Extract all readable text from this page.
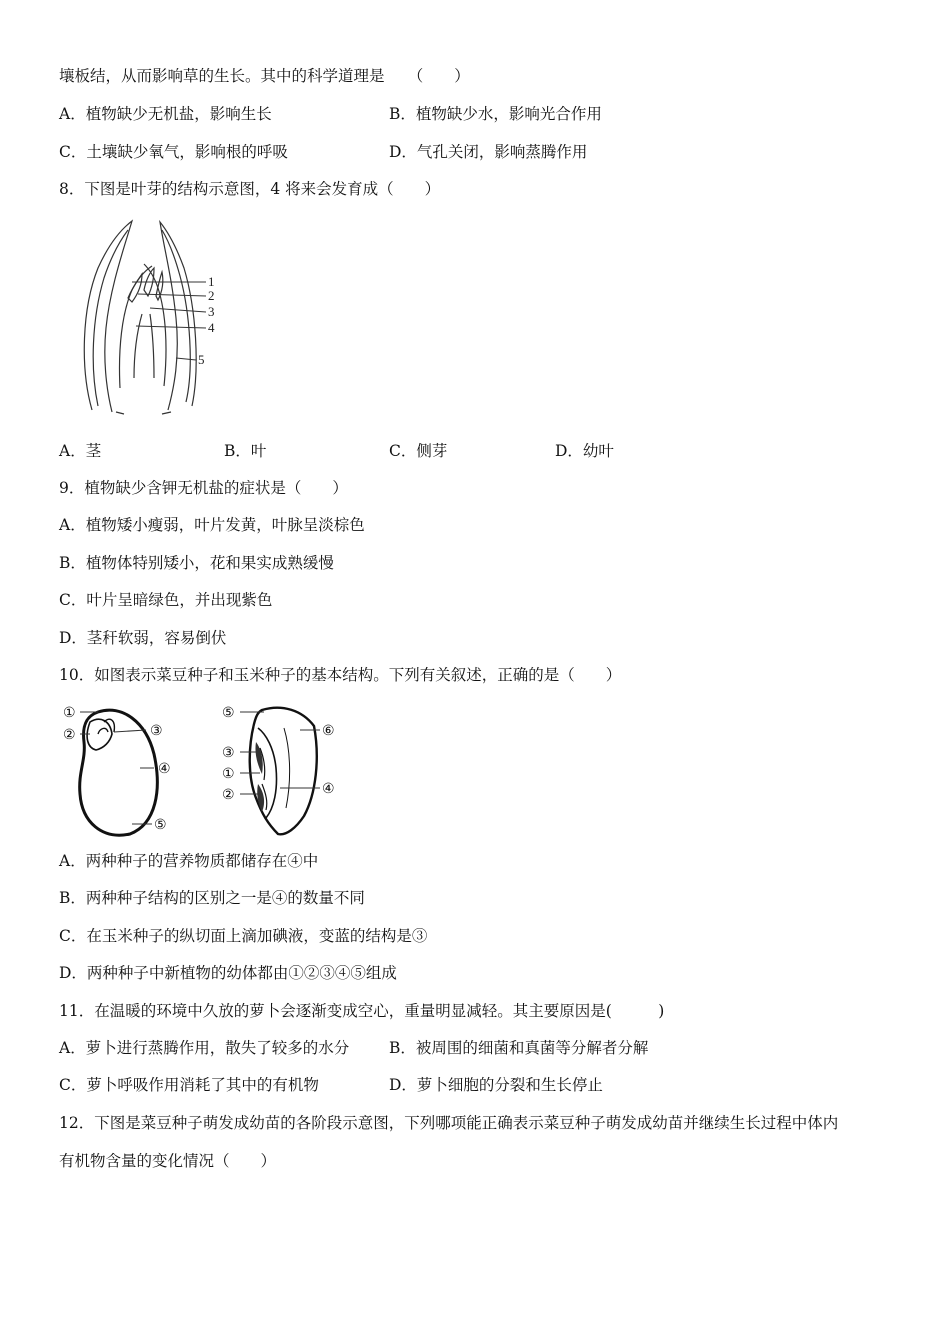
壤板结，从而影响草的生长。其中的科学道理是　　（　　）
A．植物缺少无机盐，影响生长	B．植物缺少水，影响光合作用
C．土壤缺少氧气，影响根的呼吸	D．气孔关闭，影响蒸腾作用
8．下图是叶芽的结构示意图，4 将来会发育成（　　）
1
2
3
4
5
A．茎	B．叶	C．侧芽	D．幼叶
9．植物缺少含钾无机盐的症状是（　　）
A．植物矮小瘦弱，叶片发黄，叶脉呈淡棕色
B．植物体特别矮小，花和果实成熟缓慢
C．叶片呈暗绿色，并出现紫色
D．茎秆软弱，容易倒伏
10．如图表示菜豆种子和玉米种子的基本结构。下列有关叙述，正确的是（　　）
①
②	③
④
⑤
⑤
③
①
②
⑥
④
A．两种种子的营养物质都储存在④中
B．两种种子结构的区别之一是④的数量不同
C．在玉米种子的纵切面上滴加碘液，变蓝的结构是③
D．两种种子中新植物的幼体都由①②③④⑤组成
11．在温暖的环境中久放的萝卜会逐渐变成空心，重量明显减轻。其主要原因是(　　　)
A．萝卜进行蒸腾作用，散失了较多的水分	B．被周围的细菌和真菌等分解者分解
C．萝卜呼吸作用消耗了其中的有机物	D．萝卜细胞的分裂和生长停止
12．下图是菜豆种子萌发成幼苗的各阶段示意图，下列哪项能正确表示菜豆种子萌发成幼苗并继续生长过程中体内
有机物含量的变化情况（　　）
